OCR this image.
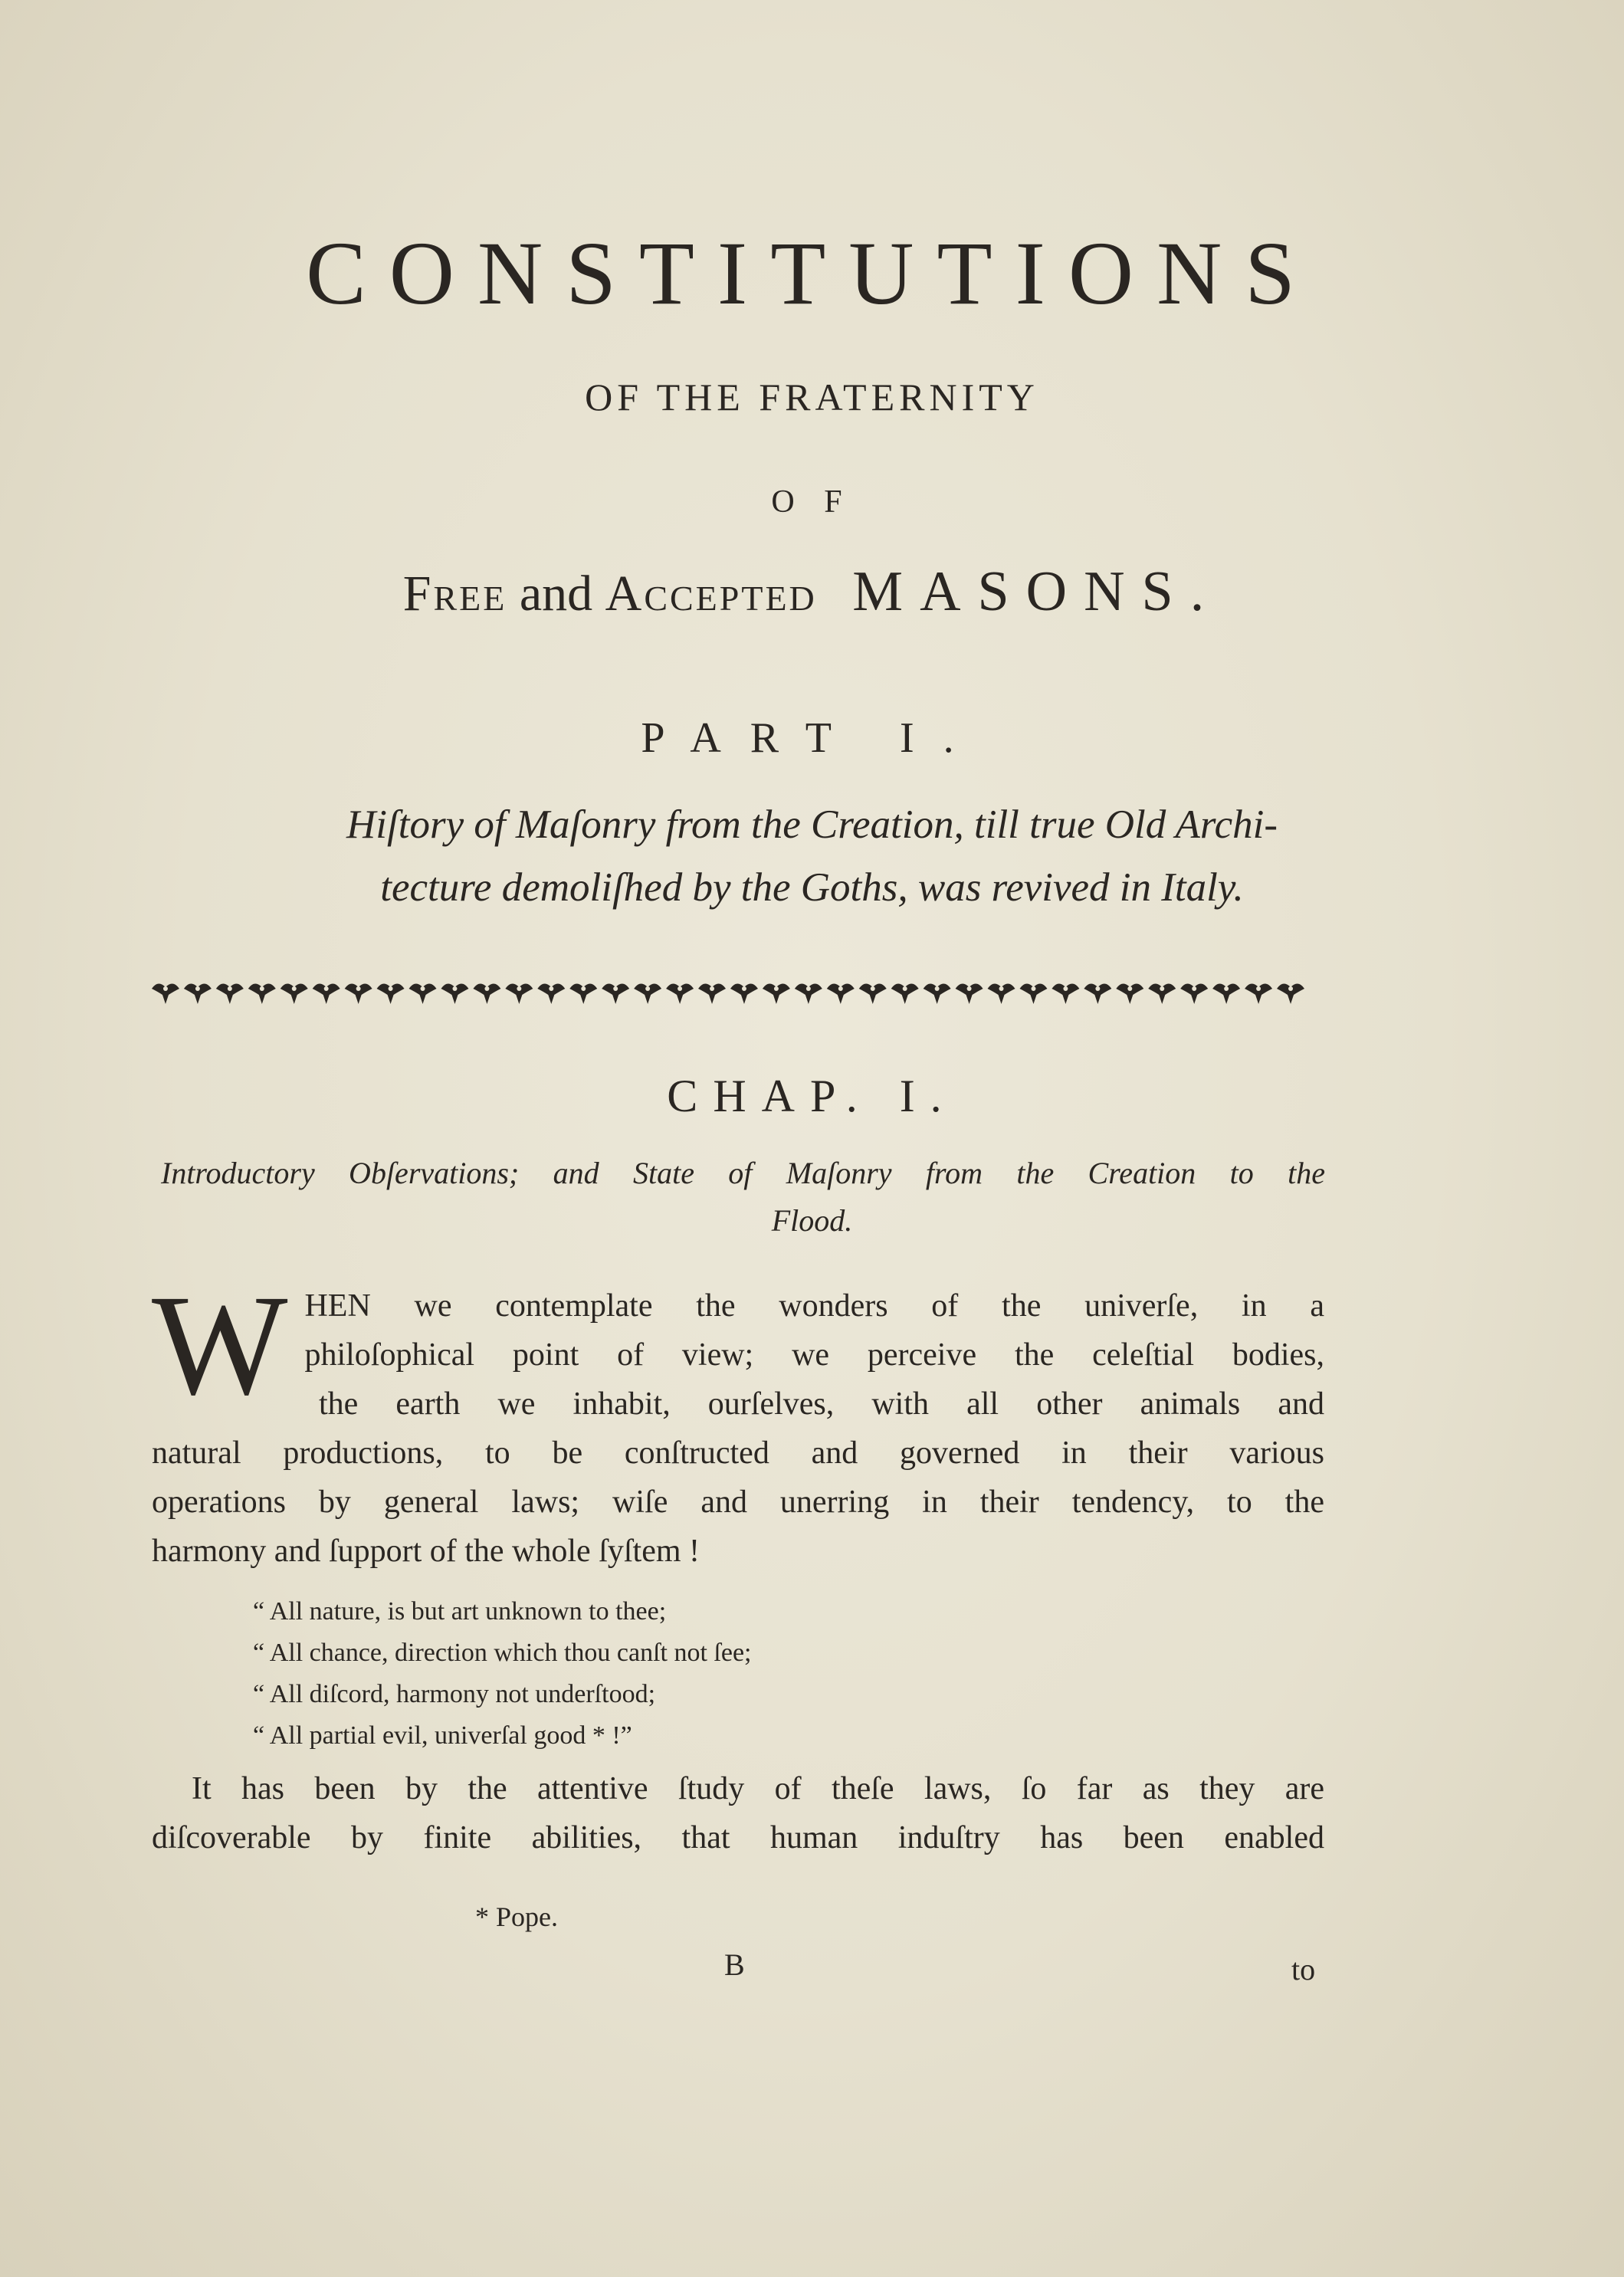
CONSTITUTIONS
OF THE FRATERNITY
O F
Free and Accepted MASONS.
PART I.
Hiſtory of Maſonry from the Creation, till true Old Archi-
tecture demoliſhed by the Goths, was revived in Italy.
CHAP. I.
Introductory Obſervations; and State of Maſonry from the Creation to the
Flood.
W HEN we contemplate the wonders of the univerſe, in a
philoſophical point of view; we perceive the celeſtial bodies,
the earth we inhabit, ourſelves, with all other animals and
natural productions, to be conſtructed and governed in their various
operations by general laws; wiſe and unerring in their tendency, to the
harmony and ſupport of the whole ſyſtem !
“ All nature, is but art unknown to thee;
“ All chance, direction which thou canſt not ſee;
“ All diſcord, harmony not underſtood;
“ All partial evil, univerſal good * !”
It has been by the attentive ſtudy of theſe laws, ſo far as they are
diſcoverable by finite abilities, that human induſtry has been enabled
* Pope.
B	to
